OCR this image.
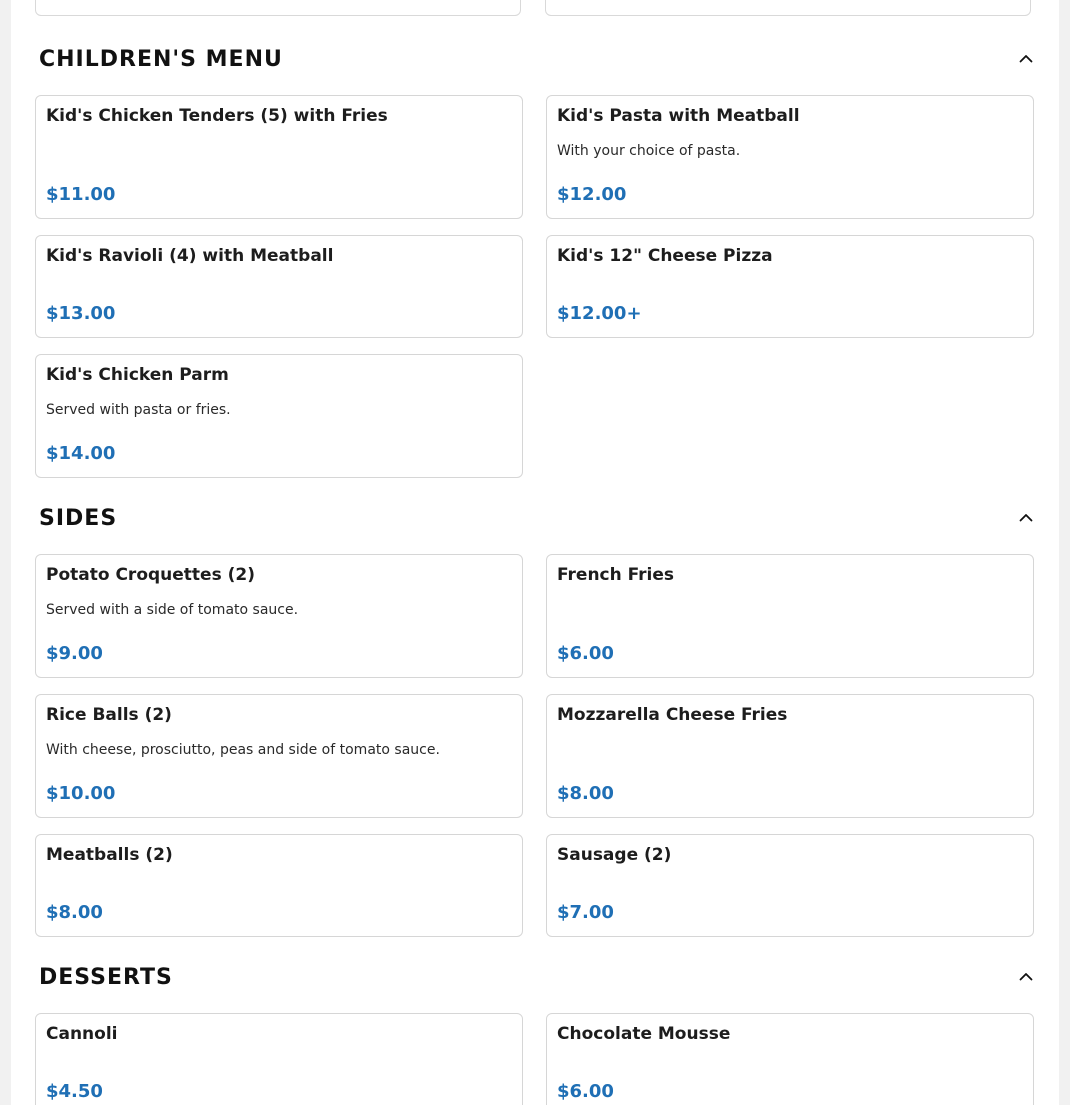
CHILDREN'S MENU
Kid's Chicken Tenders (5) with Fries
$11.00
Kid's Pasta with Meatball
With your choice of pasta.
$12.00
Kid's Ravioli (4) with Meatball
$13.00
Kid's 12" Cheese Pizza
$12.00+
Kid's Chicken Parm
Served with pasta or fries.
$14.00
SIDES
Potato Croquettes (2)
Served with a side of tomato sauce.
$9.00
French Fries
$6.00
Rice Balls (2)
With cheese, prosciutto, peas and side of tomato sauce.
$10.00
Mozzarella Cheese Fries
$8.00
Meatballs (2)
$8.00
Sausage (2)
$7.00
DESSERTS
Cannoli
$4.50
Chocolate Mousse
$6.00
